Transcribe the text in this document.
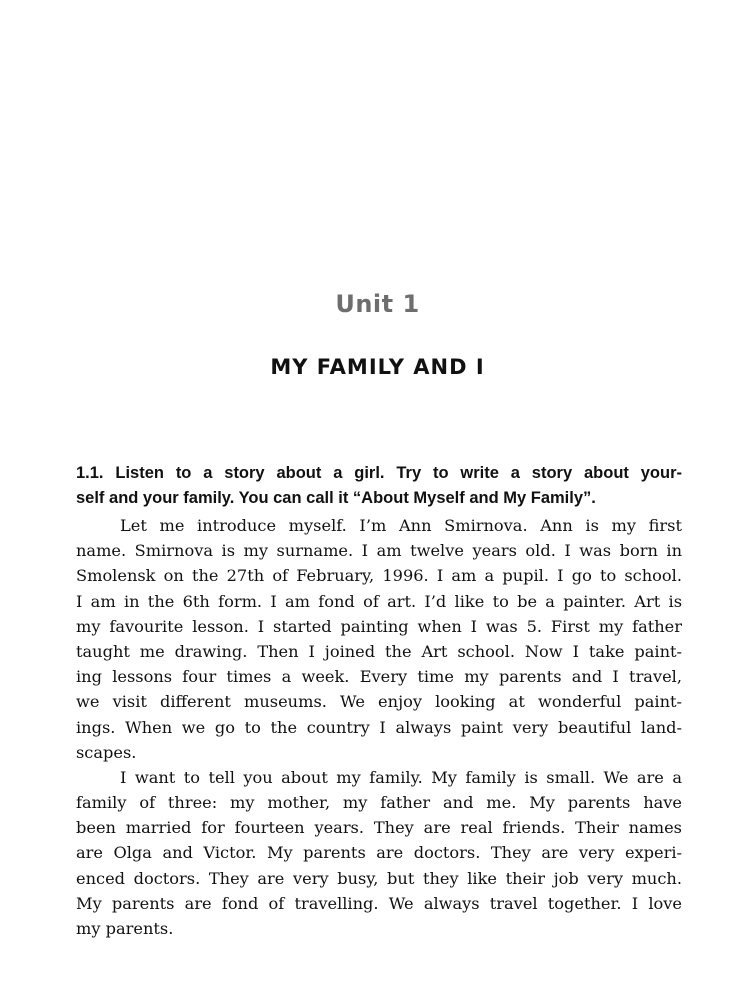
Unit 1
MY FAMILY AND I
1.1. Listen to a story about a girl. Try to write a story about your-
self and your family. You can call it “About Myself and My Family”.
Let me introduce myself. I’m Ann Smirnova. Ann is my first
name. Smirnova is my surname. I am twelve years old. I was born in
Smolensk on the 27th of February, 1996. I am a pupil. I go to school.
I am in the 6th form. I am fond of art. I’d like to be a painter. Art is
my favourite lesson. I started painting when I was 5. First my father
taught me drawing. Then I joined the Art school. Now I take paint-
ing lessons four times a week. Every time my parents and I travel,
we visit different museums. We enjoy looking at wonderful paint-
ings. When we go to the country I always paint very beautiful land-
scapes.
I want to tell you about my family. My family is small. We are a
family of three: my mother, my father and me. My parents have
been married for fourteen years. They are real friends. Their names
are Olga and Victor. My parents are doctors. They are very experi-
enced doctors. They are very busy, but they like their job very much.
My parents are fond of travelling. We always travel together. I love
my parents.
